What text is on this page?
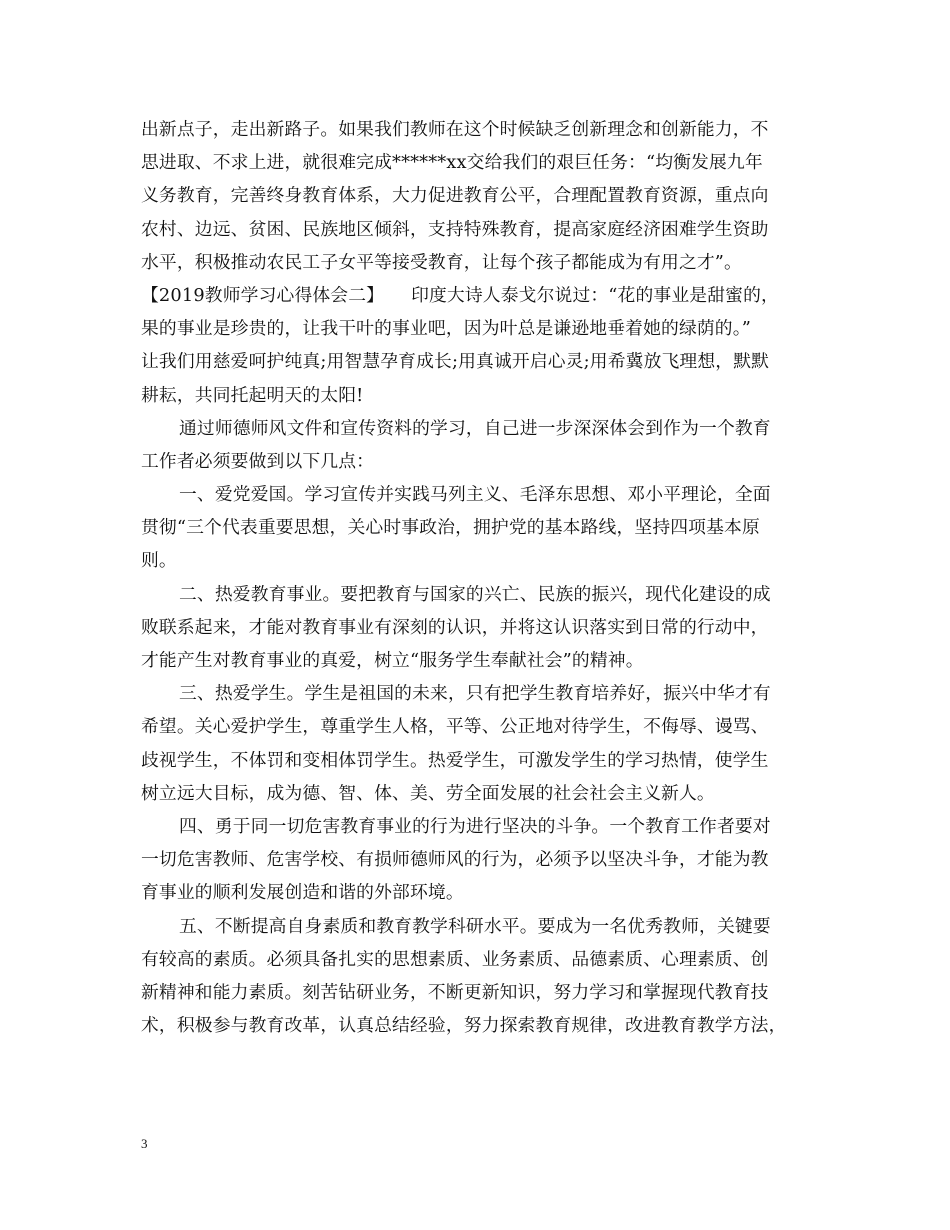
出新点子，走出新路子。如果我们教师在这个时候缺乏创新理念和创新能力，不
思进取、不求上进，就很难完成******xx交给我们的艰巨任务：“均衡发展九年
义务教育，完善终身教育体系，大力促进教育公平，合理配置教育资源，重点向
农村、边远、贫困、民族地区倾斜，支持特殊教育，提高家庭经济困难学生资助
水平，积极推动农民工子女平等接受教育，让每个孩子都能成为有用之才”。
【2019教师学习心得体会二】　　印度大诗人泰戈尔说过：“花的事业是甜蜜的，
果的事业是珍贵的，让我干叶的事业吧，因为叶总是谦逊地垂着她的绿荫的。”
让我们用慈爱呵护纯真;用智慧孕育成长;用真诚开启心灵;用希冀放飞理想，默默
耕耘，共同托起明天的太阳!
通过师德师风文件和宣传资料的学习，自己进一步深深体会到作为一个教育
工作者必须要做到以下几点：
一、爱党爱国。学习宣传并实践马列主义、毛泽东思想、邓小平理论，全面
贯彻“三个代表重要思想，关心时事政治，拥护党的基本路线，坚持四项基本原
则。
二、热爱教育事业。要把教育与国家的兴亡、民族的振兴，现代化建设的成
败联系起来，才能对教育事业有深刻的认识，并将这认识落实到日常的行动中，
才能产生对教育事业的真爱，树立“服务学生奉献社会”的精神。
三、热爱学生。学生是祖国的未来，只有把学生教育培养好，振兴中华才有
希望。关心爱护学生，尊重学生人格，平等、公正地对待学生，不侮辱、谩骂、
歧视学生，不体罚和变相体罚学生。热爱学生，可激发学生的学习热情，使学生
树立远大目标，成为德、智、体、美、劳全面发展的社会社会主义新人。
四、勇于同一切危害教育事业的行为进行坚决的斗争。一个教育工作者要对
一切危害教师、危害学校、有损师德师风的行为，必须予以坚决斗争，才能为教
育事业的顺利发展创造和谐的外部环境。
五、不断提高自身素质和教育教学科研水平。要成为一名优秀教师，关键要
有较高的素质。必须具备扎实的思想素质、业务素质、品德素质、心理素质、创
新精神和能力素质。刻苦钻研业务，不断更新知识，努力学习和掌握现代教育技
术，积极参与教育改革，认真总结经验，努力探索教育规律，改进教育教学方法，
3
